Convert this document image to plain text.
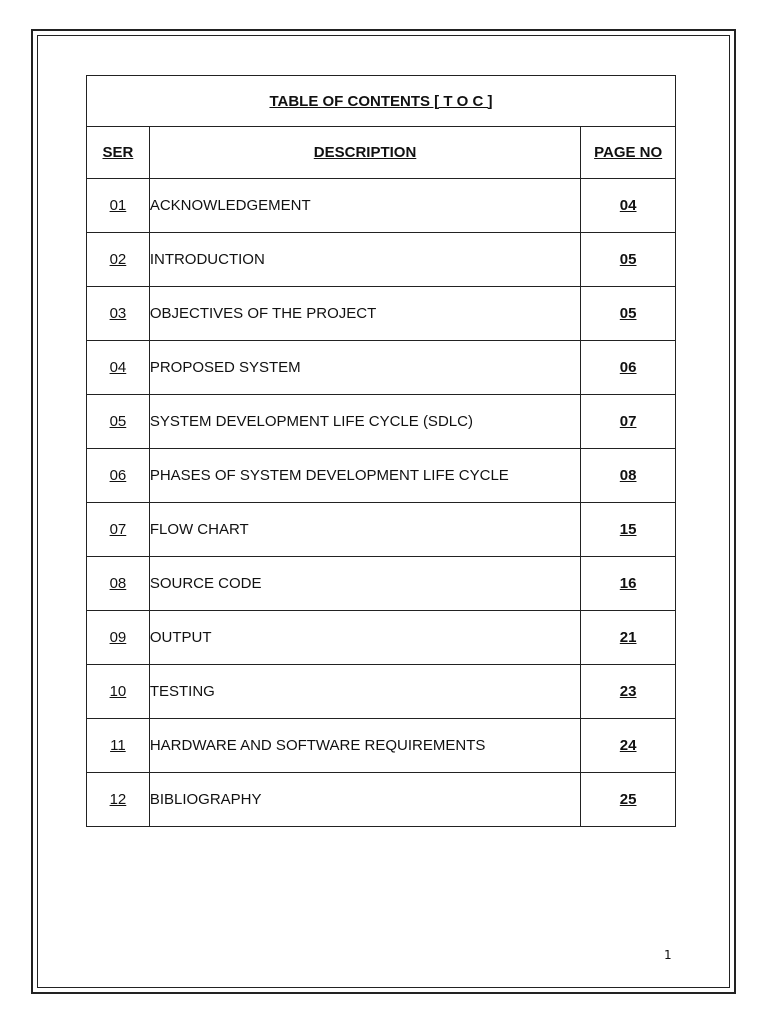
TABLE OF CONTENTS [ T O C ]		
SER	DESCRIPTION	PAGE NO
01	ACKNOWLEDGEMENT	04
02	INTRODUCTION	05
03	OBJECTIVES OF THE PROJECT	05
04	PROPOSED SYSTEM	06
05	SYSTEM DEVELOPMENT LIFE CYCLE (SDLC)	07
06	PHASES OF SYSTEM DEVELOPMENT LIFE CYCLE	08
07	FLOW CHART	15
08	SOURCE CODE	16
09	OUTPUT	21
10	TESTING	23
11	HARDWARE AND SOFTWARE REQUIREMENTS	24
12	BIBLIOGRAPHY	25
1
